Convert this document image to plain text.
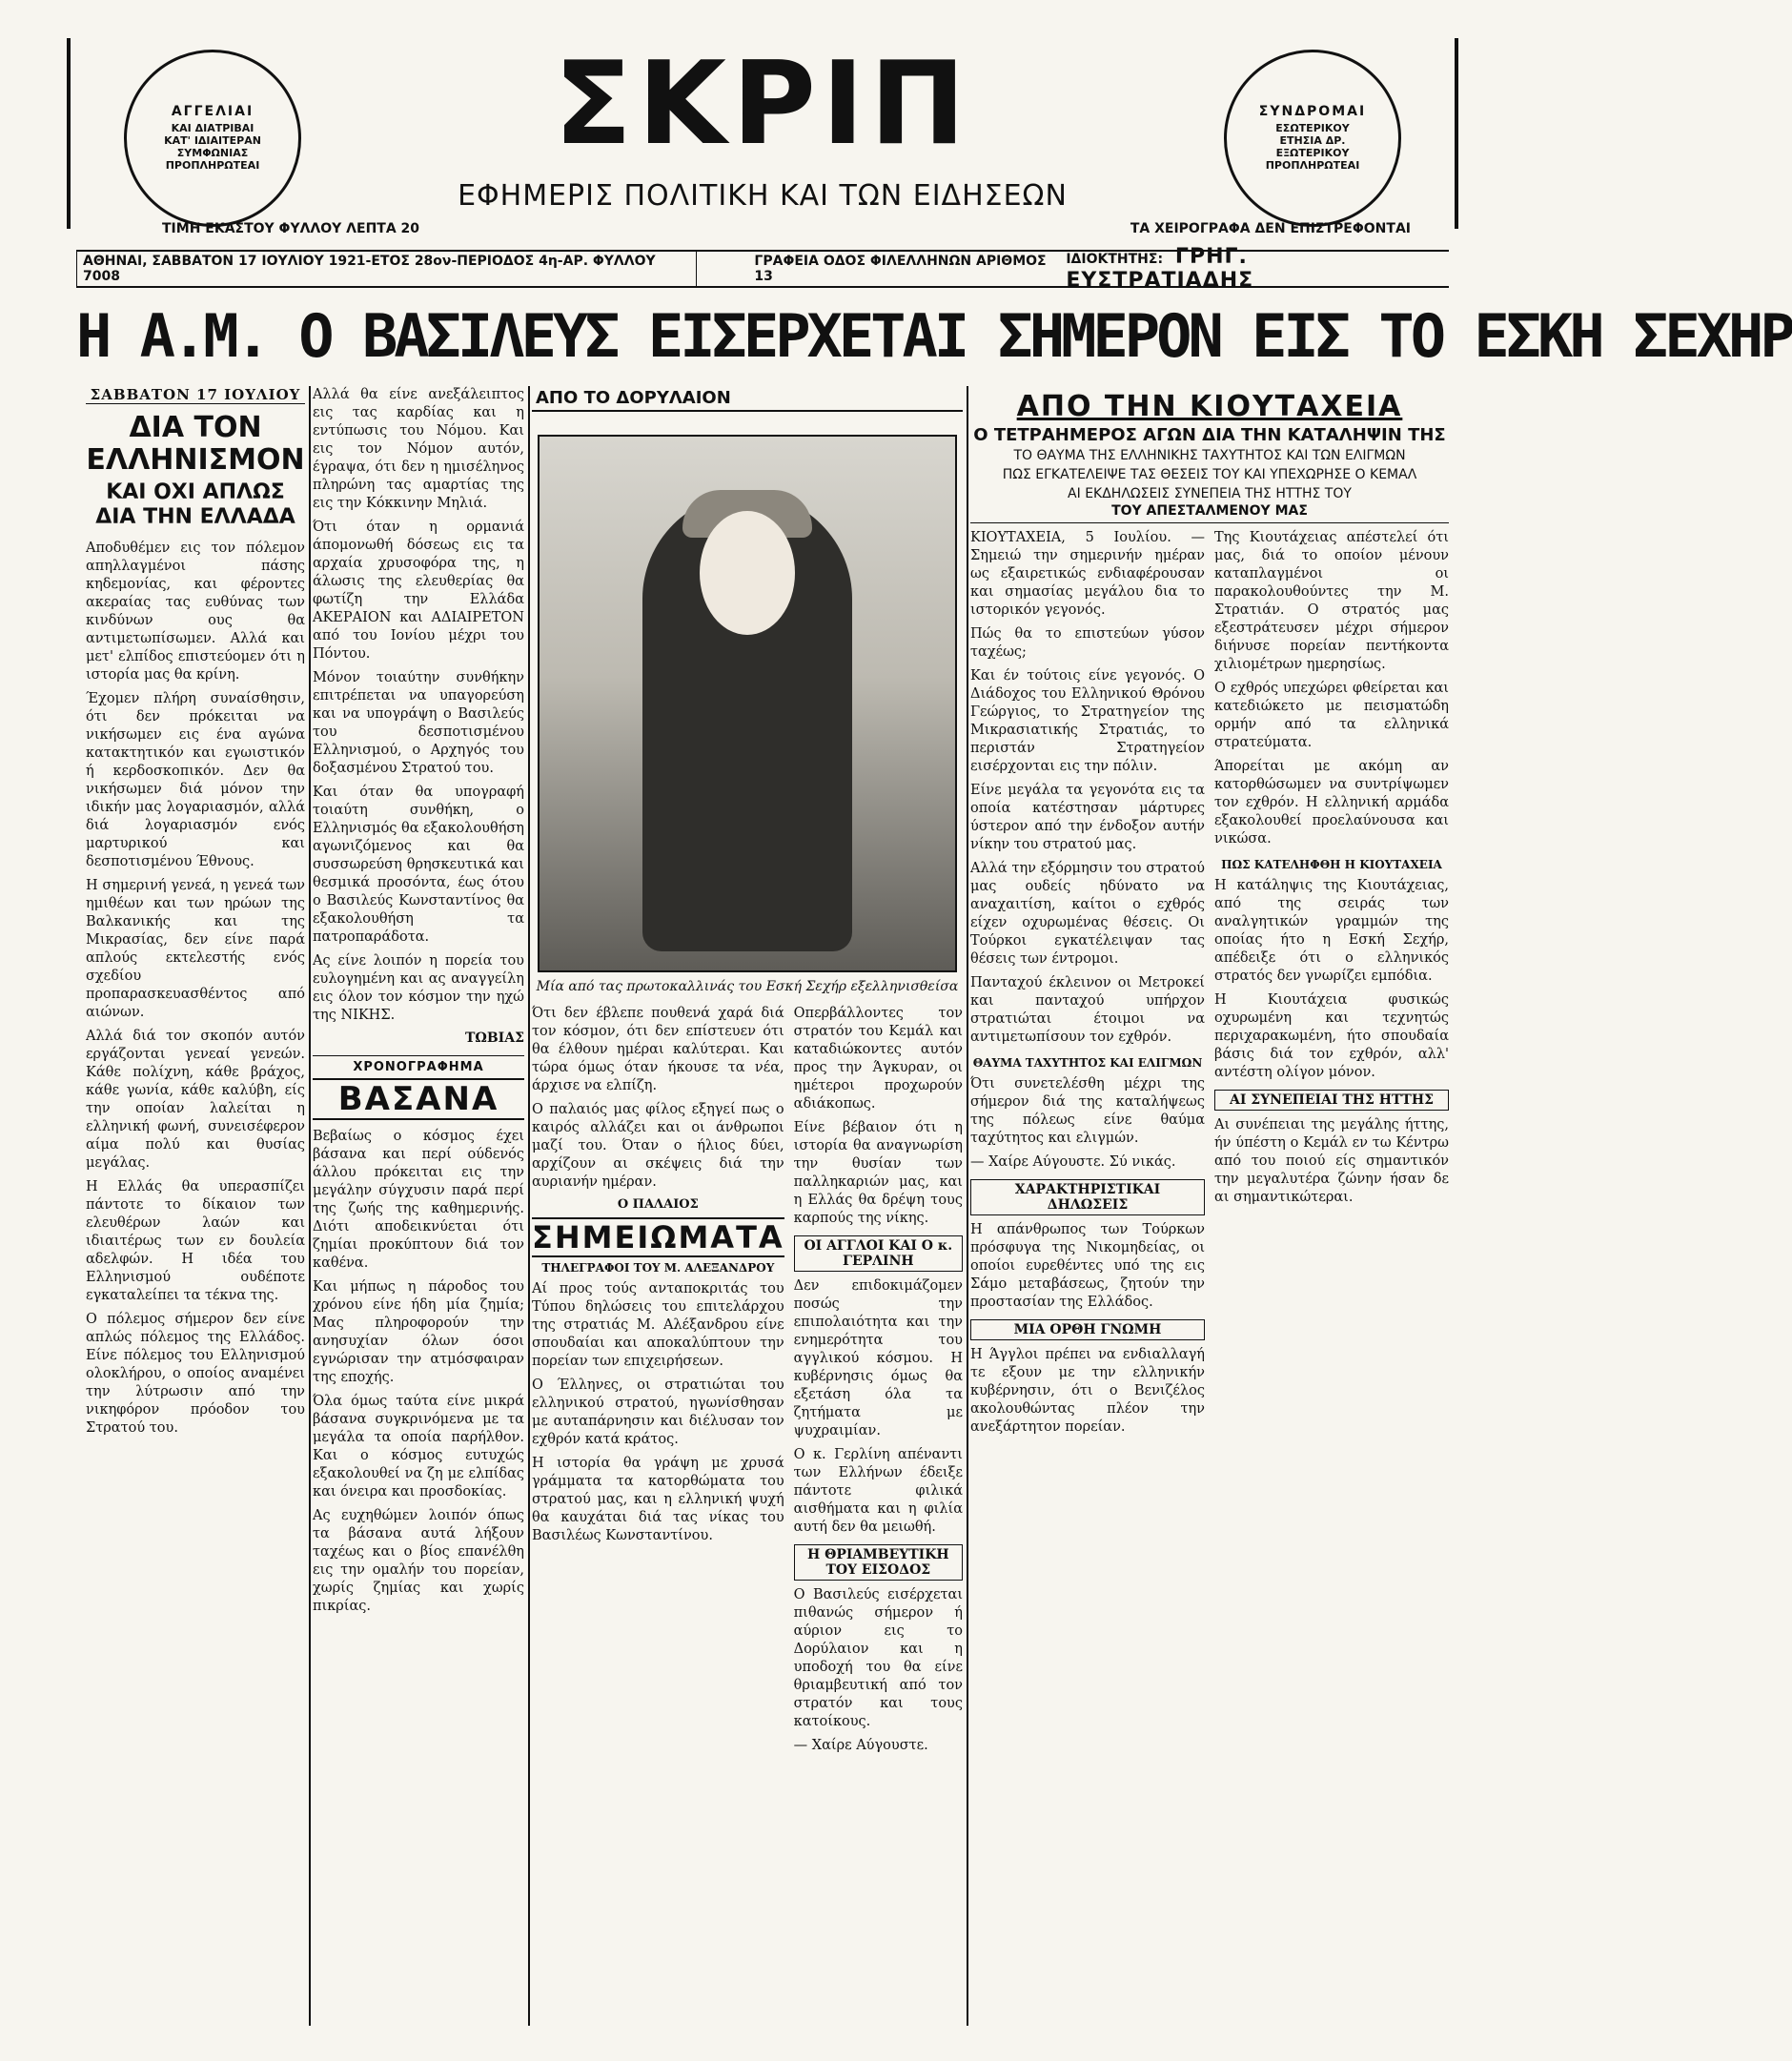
ΑΓΓΕΛΙΑΙ
ΚΑΙ ΔΙΑΤΡΙΒΑΙ
ΚΑΤ' ΙΔΙΑΙΤΕΡΑΝ
ΣΥΜΦΩΝΙΑΣ
ΠΡΟΠΛΗΡΩΤΕΑΙ	ΣΚΡΙΠ
ΕΦΗΜΕΡΙΣ ΠΟΛΙΤΙΚΗ ΚΑΙ ΤΩΝ ΕΙΔΗΣΕΩΝ
ΣΥΝΔΡΟΜΑΙ
ΕΣΩΤΕΡΙΚΟΥ
ΕΤΗΣΙΑ ΔΡ.
ΕΞΩΤΕΡΙΚΟΥ
ΠΡΟΠΛΗΡΩΤΕΑΙ
ΤΙΜΗ ΕΚΑΣΤΟΥ ΦΥΛΛΟΥ ΛΕΠΤΑ 20	ΤΑ ΧΕΙΡΟΓΡΑΦΑ ΔΕΝ ΕΠΙΣΤΡΕΦΟΝΤΑΙ
ΑΘΗΝΑΙ, ΣΑΒΒΑΤΟΝ 17 ΙΟΥΛΙΟΥ 1921-ΕΤΟΣ 28ον-ΠΕΡΙΟΔΟΣ 4η-ΑΡ. ΦΥΛΛΟΥ 7008
ΓΡΑΦΕΙΑ ΟΔΟΣ ΦΙΛΕΛΛΗΝΩΝ ΑΡΙΘΜΟΣ 13
ΙΔΙΟΚΤΗΤΗΣ: ΓΡΗΓ. ΕΥΣΤΡΑΤΙΑΔΗΣ
Η Α.Μ. Ο ΒΑΣΙΛΕΥΣ ΕΙΣΕΡΧΕΤΑΙ ΣΗΜΕΡΟΝ ΕΙΣ ΤΟ ΕΣΚΗ ΣΕΧΗΡ
ΣΑΒΒΑΤΟΝ 17 ΙΟΥΛΙΟΥ
ΔΙΑ ΤΟΝ ΕΛΛΗΝΙΣΜΟΝ
ΚΑΙ ΟΧΙ ΑΠΛΩΣ ΔΙΑ ΤΗΝ ΕΛΛΑΔΑ

Αποδυθέμεν εις τον πόλεμον απηλλαγμένοι πάσης κηδεμονίας, και φέροντες ακεραίας τας ευθύνας των κινδύνων ους θα αντιμετωπίσωμεν. Αλλά και μετ' ελπίδος επιστεύομεν ότι η ιστορία μας θα κρίνη.

Έχομεν πλήρη συναίσθησιν, ότι δεν πρόκειται να νικήσωμεν εις ένα αγώνα κατακτητικόν και εγωιστικόν ή κερδοσκοπικόν. Δεν θα νικήσωμεν διά μόνον την ιδικήν μας λογαριασμόν, αλλά διά λογαριασμόν ενός μαρτυρικού και δεσποτισμένου Έθνους.

Η σημερινή γενεά, η γενεά των ημιθέων και των ηρώων της Βαλκανικής και της Μικρασίας, δεν είνε παρά απλούς εκτελεστής ενός σχεδίου προπαρασκευασθέντος από αιώνων.

Αλλά διά τον σκοπόν αυτόν εργάζονται γενεαί γενεών. Κάθε πολίχνη, κάθε βράχος, κάθε γωνία, κάθε καλύβη, είς την οποίαν λαλείται η ελληνική φωνή, συνεισέφερον αίμα πολύ και θυσίας μεγάλας.

Η Ελλάς θα υπερασπίζει πάντοτε το δίκαιον των ελευθέρων λαών και ιδιαιτέρως των εν δουλεία αδελφών. Η ιδέα του Ελληνισμού ουδέποτε εγκαταλείπει τα τέκνα της.

Ο πόλεμος σήμερον δεν είνε απλώς πόλεμος της Ελλάδος. Είνε πόλεμος του Ελληνισμού ολοκλήρου, ο οποίος αναμένει την λύτρωσιν από την νικηφόρον πρόοδον του Στρατού του.

Αλλά θα είνε ανεξάλειπτος εις τας καρδίας και η εντύπωσις του Νόμου. Και εις τον Νόμον αυτόν, έγραψα, ότι δεν η ημισέληνος πληρώνη τας αμαρτίας της εις την Κόκκινην Μηλιά.

Ότι όταν η ορμανιά άπομονωθή δόσεως εις τα αρχαία χρυσοφόρα της, η άλωσις της ελευθερίας θα φωτίζη την Ελλάδα ΑΚΕΡΑΙΟΝ και ΑΔΙΑΙΡΕΤΟΝ από του Ιονίου μέχρι του Πόντου.

Μόνον τοιαύτην συνθήκην επιτρέπεται να υπαγορεύση και να υπογράψη ο Βασιλεύς του δεσποτισμένου Ελληνισμού, ο Αρχηγός του δοξασμένου Στρατού του.

Και όταν θα υπογραφή τοιαύτη συνθήκη, ο Ελληνισμός θα εξακολουθήση αγωνιζόμενος και θα συσσωρεύση θρησκευτικά και θεσμικά προσόντα, έως ότου ο Βασιλεύς Κωνσταντίνος θα εξακολουθήση τα πατροπαράδοτα.

Ας είνε λοιπόν η πορεία του ευλογημένη και ας αναγγείλη εις όλον τον κόσμον την ηχώ της ΝΙΚΗΣ.

ΤΩΒΙΑΣ
ΧΡΟΝΟΓΡΑΦΗΜΑ
ΒΑΣΑΝΑ

Βεβαίως ο κόσμος έχει βάσανα και περί ούδενός άλλου πρόκειται εις την μεγάλην σύγχυσιν παρά περί της ζωής της καθημερινής. Διότι αποδεικνύεται ότι ζημίαι προκύπτουν διά τον καθένα.

Και μήπως η πάροδος του χρόνου είνε ήδη μία ζημία; Μας πληροφορούν την ανησυχίαν όλων όσοι εγνώρισαν την ατμόσφαιραν της εποχής.

Όλα όμως ταύτα είνε μικρά βάσανα συγκρινόμενα με τα μεγάλα τα οποία παρήλθον. Και ο κόσμος ευτυχώς εξακολουθεί να ζη με ελπίδας και όνειρα και προσδοκίας.

Ας ευχηθώμεν λοιπόν όπως τα βάσανα αυτά λήξουν ταχέως και ο βίος επανέλθη εις την ομαλήν του πορείαν, χωρίς ζημίας και χωρίς πικρίας.

ΑΠΟ ΤΟ ΔΟΡΥΛΑΙΟΝ
Μία από τας πρωτοκαλλινάς του Εσκή Σεχήρ εξελληνισθείσα

Ότι δεν έβλεπε πουθενά χαρά διά τον κόσμον, ότι δεν επίστευεν ότι θα έλθουν ημέραι καλύτεραι. Και τώρα όμως όταν ήκουσε τα νέα, άρχισε να ελπίζη.

Ο παλαιός μας φίλος εξηγεί πως ο καιρός αλλάζει και οι άνθρωποι μαζί του. Όταν ο ήλιος δύει, αρχίζουν αι σκέψεις διά την αυριανήν ημέραν.

Ο ΠΑΛΑΙΟΣ
ΣΗΜΕΙΩΜΑΤΑ
ΤΗΛΕΓΡΑΦΟΙ ΤΟΥ Μ. ΑΛΕΞΑΝΔΡΟΥ

Αί προς τούς ανταποκριτάς του Τύπου δηλώσεις του επιτελάρχου της στρατιάς Μ. Αλέξανδρου είνε σπουδαίαι και αποκαλύπτουν την πορείαν των επιχειρήσεων.

Ο Έλληνες, οι στρατιώται του ελληνικού στρατού, ηγωνίσθησαν με αυταπάρνησιν και διέλυσαν τον εχθρόν κατά κράτος.

Η ιστορία θα γράψη με χρυσά γράμματα τα κατορθώματα του στρατού μας, και η ελληνική ψυχή θα καυχάται διά τας νίκας του Βασιλέως Κωνσταντίνου.

Οπερβάλλοντες τον στρατόν του Κεμάλ και καταδιώκοντες αυτόν προς την Άγκυραν, οι ημέτεροι προχωρούν αδιάκοπως.

Είνε βέβαιον ότι η ιστορία θα αναγνωρίση την θυσίαν των παλληκαριών μας, και η Ελλάς θα δρέψη τους καρπούς της νίκης.

ΟΙ ΑΓΓΛΟΙ ΚΑΙ Ο κ. ΓΕΡΛΙΝΗ

Δεν επιδοκιμάζομεν ποσώς την επιπολαιότητα και την ενημερότητα του αγγλικού κόσμου. Η κυβέρνησις όμως θα εξετάση όλα τα ζητήματα με ψυχραιμίαν.

Ο κ. Γερλίνη απέναντι των Ελλήνων έδειξε πάντοτε φιλικά αισθήματα και η φιλία αυτή δεν θα μειωθή.

Η ΘΡΙΑΜΒΕΥΤΙΚΗ ΤΟΥ ΕΙΣΟΔΟΣ

Ο Βασιλεύς εισέρχεται πιθανώς σήμερον ή αύριον εις το Δορύλαιον και η υποδοχή του θα είνε θριαμβευτική από τον στρατόν και τους κατοίκους.

— Χαίρε Αύγουστε.

ΑΠΟ ΤΗΝ ΚΙΟΥΤΑΧΕΙΑ
Ο ΤΕΤΡΑΗΜΕΡΟΣ ΑΓΩΝ ΔΙΑ ΤΗΝ ΚΑΤΑΛΗΨΙΝ ΤΗΣ
ΤΟ ΘΑΥΜΑ ΤΗΣ ΕΛΛΗΝΙΚΗΣ ΤΑΧΥΤΗΤΟΣ ΚΑΙ ΤΩΝ ΕΛΙΓΜΩΝ
ΠΩΣ ΕΓΚΑΤΕΛΕΙΨΕ ΤΑΣ ΘΕΣΕΙΣ ΤΟΥ ΚΑΙ ΥΠΕΧΩΡΗΣΕ Ο ΚΕΜΑΛ
ΑΙ ΕΚΔΗΛΩΣΕΙΣ ΣΥΝΕΠΕΙΑ ΤΗΣ ΗΤΤΗΣ ΤΟΥ
ΤΟΥ ΑΠΕΣΤΑΛΜΕΝΟΥ ΜΑΣ

ΚΙΟΥΤΑΧΕΙΑ, 5 Ιουλίου. — Σημειώ την σημερινήν ημέραν ως εξαιρετικώς ενδιαφέρουσαν και σημασίας μεγάλου δια το ιστορικόν γεγονός.

Πώς θα το επιστεύων γύσον ταχέως;

Και έν τούτοις είνε γεγονός. Ο Διάδοχος του Ελληνικού Θρόνου Γεώργιος, το Στρατηγείον της Μικρασιατικής Στρατιάς, το περιστάν Στρατηγείον εισέρχονται εις την πόλιν.

Είνε μεγάλα τα γεγονότα εις τα οποία κατέστησαν μάρτυρες ύστερον από την ένδοξον αυτήν νίκην του στρατού μας.

Αλλά την εξόρμησιν του στρατού μας ουδείς ηδύνατο να αναχαιτίση, καίτοι ο εχθρός είχεν οχυρωμένας θέσεις. Οι Τούρκοι εγκατέλειψαν τας θέσεις των έντρομοι.

Πανταχού έκλεινον οι Μετροκεί και πανταχού υπήρχον στρατιώται έτοιμοι να αντιμετωπίσουν τον εχθρόν.

ΘΑΥΜΑ ΤΑΧΥΤΗΤΟΣ ΚΑΙ ΕΛΙΓΜΩΝ

Ότι συνετελέσθη μέχρι της σήμερον διά της καταλήψεως της πόλεως είνε θαύμα ταχύτητος και ελιγμών.

— Χαίρε Αύγουστε. Σύ νικάς.

ΧΑΡΑΚΤΗΡΙΣΤΙΚΑΙ ΔΗΛΩΣΕΙΣ

Η απάνθρωπος των Τούρκων πρόσφυγα της Νικομηδείας, οι οποίοι ευρεθέντες υπό της εις Σάμο μεταβάσεως, ζητούν την προστασίαν της Ελλάδος.

ΜΙΑ ΟΡΘΗ ΓΝΩΜΗ

Η Άγγλοι πρέπει να ενδιαλλαγή τε εξουν με την ελληνικήν κυβέρνησιν, ότι ο Βενιζέλος ακολουθώντας πλέον την ανεξάρτητον πορείαν.

Της Κιουτάχειας απέστελεί ότι μας, διά το οποίον μένουν καταπλαγμένοι οι παρακολουθούντες την Μ. Στρατιάν. Ο στρατός μας εξεστράτευσεν μέχρι σήμερον διήνυσε πορείαν πεντήκοντα χιλιομέτρων ημερησίως.

Ο εχθρός υπεχώρει φθείρεται και κατεδιώκετο με πεισματώδη ορμήν από τα ελληνικά στρατεύματα.

Άπορείται με ακόμη αν κατορθώσωμεν να συντρίψωμεν τον εχθρόν. Η ελληνική αρμάδα εξακολουθεί προελαύνουσα και νικώσα.

ΠΩΣ ΚΑΤΕΛΗΦΘΗ Η ΚΙΟΥΤΑΧΕΙΑ

Η κατάληψις της Κιουτάχειας, από της σειράς των αναλγητικών γραμμών της οποίας ήτο η Εσκή Σεχήρ, απέδειξε ότι ο ελληνικός στρατός δεν γνωρίζει εμπόδια.

Η Κιουτάχεια φυσικώς οχυρωμένη και τεχνητώς περιχαρακωμένη, ήτο σπουδαία βάσις διά τον εχθρόν, αλλ' αντέστη ολίγον μόνον.

ΑΙ ΣΥΝΕΠΕΙΑΙ ΤΗΣ ΗΤΤΗΣ

Αι συνέπειαι της μεγάλης ήττης, ήν ύπέστη ο Κεμάλ εν τω Κέντρω από του ποιού είς σημαντικόν την μεγαλυτέρα ζώνην ήσαν δε αι σημαντικώτεραι.
